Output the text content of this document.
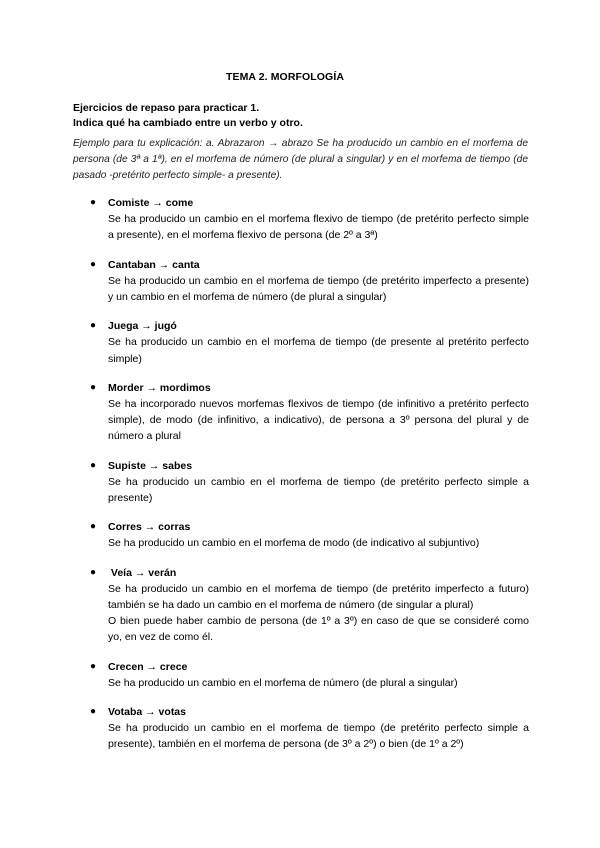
TEMA 2. MORFOLOGÍA
Ejercicios de repaso para practicar 1.
Indica qué ha cambiado entre un verbo y otro.
Ejemplo para tu explicación: a. Abrazaron → abrazo Se ha producido un cambio en el morfema de persona (de 3ª a 1ª), en el morfema de número (de plural a singular) y en el morfema de tiempo (de pasado -pretérito perfecto simple- a presente).
● Comiste → come
Se ha producido un cambio en el morfema flexivo de tiempo (de pretérito perfecto simple a presente), en el morfema flexivo de persona (de 2º a 3ª)
● Cantaban → canta
Se ha producido un cambio en el morfema de tiempo (de pretérito imperfecto a presente) y un cambio en el morfema de número (de plural a singular)
● Juega → jugó
Se ha producido un cambio en el morfema de tiempo (de presente al pretérito perfecto simple)
● Morder → mordimos
Se ha incorporado nuevos morfemas flexivos de tiempo (de infinitivo a pretérito perfecto simple), de modo (de infinitivo, a indicativo), de persona a 3º persona del plural y de número a plural
● Supiste → sabes
Se ha producido un cambio en el morfema de tiempo (de pretérito perfecto simple a presente)
● Corres → corras
Se ha producido un cambio en el morfema de modo (de indicativo al subjuntivo)
● Veía → verán
Se ha producido un cambio en el morfema de tiempo (de pretérito imperfecto a futuro) también se ha dado un cambio en el morfema de número (de singular a plural)
O bien puede haber cambio de persona (de 1º a 3º) en caso de que se consideré como yo, en vez de como él.
● Crecen → crece
Se ha producido un cambio en el morfema de número (de plural a singular)
● Votaba → votas
Se ha producido un cambio en el morfema de tiempo (de pretérito perfecto simple a presente), también en el morfema de persona (de 3º a 2º) o bien (de 1º a 2º)
